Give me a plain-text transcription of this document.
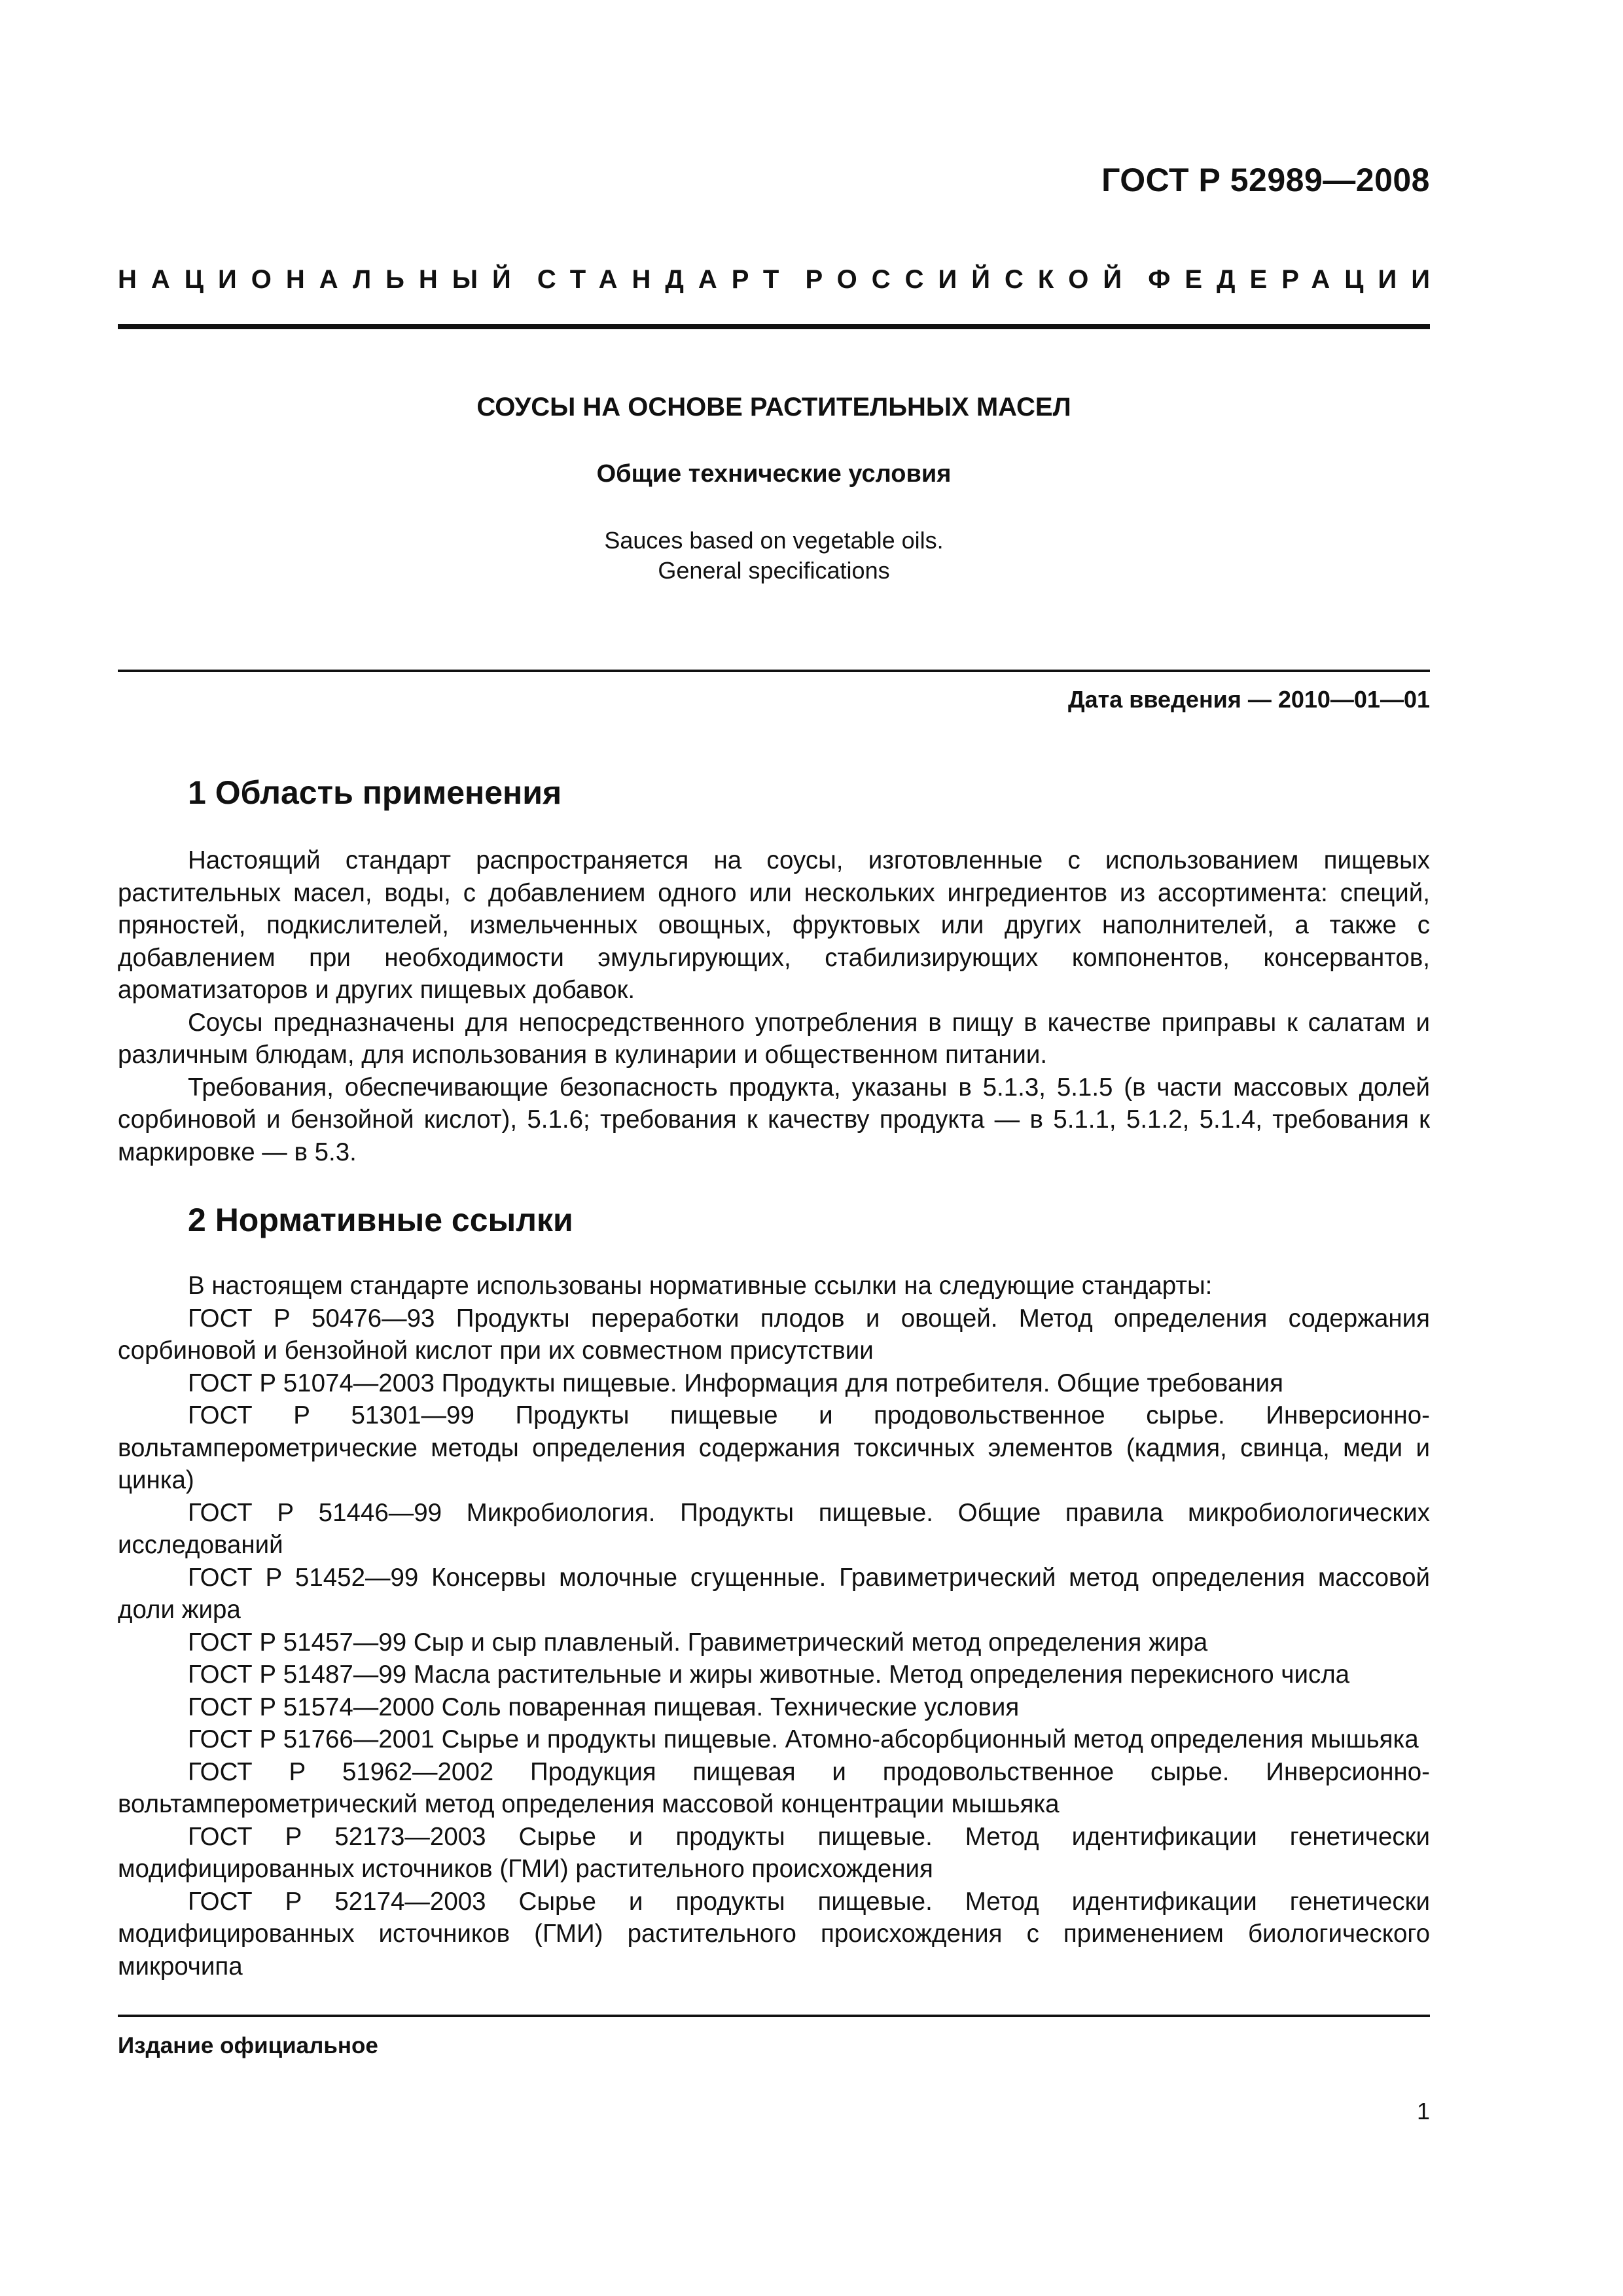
ГОСТ Р 52989—2008
НАЦИОНАЛЬНЫЙ СТАНДАРТ РОССИЙСКОЙ ФЕДЕРАЦИИ
СОУСЫ НА ОСНОВЕ РАСТИТЕЛЬНЫХ МАСЕЛ
Общие технические условия
Sauces based on vegetable oils.
General specifications
Дата введения — 2010—01—01
1 Область применения

Настоящий стандарт распространяется на соусы, изготовленные с использованием пищевых растительных масел, воды, с добавлением одного или нескольких ингредиентов из ассортимента: специй, пряностей, подкислителей, измельченных овощных, фруктовых или других наполнителей, а также с добавлением при необходимости эмульгирующих, стабилизирующих компонентов, консервантов, ароматизаторов и других пищевых добавок.

Соусы предназначены для непосредственного употребления в пищу в качестве приправы к салатам и различным блюдам, для использования в кулинарии и общественном питании.

Требования, обеспечивающие безопасность продукта, указаны в 5.1.3, 5.1.5 (в части массовых долей сорбиновой и бензойной кислот), 5.1.6; требования к качеству продукта — в 5.1.1, 5.1.2, 5.1.4, требования к маркировке — в 5.3.

2 Нормативные ссылки

В настоящем стандарте использованы нормативные ссылки на следующие стандарты:

ГОСТ Р 50476—93 Продукты переработки плодов и овощей. Метод определения содержания сорбиновой и бензойной кислот при их совместном присутствии

ГОСТ Р 51074—2003 Продукты пищевые. Информация для потребителя. Общие требования

ГОСТ Р 51301—99 Продукты пищевые и продовольственное сырье. Инверсионно-вольтамперометрические методы определения содержания токсичных элементов (кадмия, свинца, меди и цинка)

ГОСТ Р 51446—99 Микробиология. Продукты пищевые. Общие правила микробиологических исследований

ГОСТ Р 51452—99 Консервы молочные сгущенные. Гравиметрический метод определения массовой доли жира

ГОСТ Р 51457—99 Сыр и сыр плавленый. Гравиметрический метод определения жира

ГОСТ Р 51487—99 Масла растительные и жиры животные. Метод определения перекисного числа

ГОСТ Р 51574—2000 Соль поваренная пищевая. Технические условия

ГОСТ Р 51766—2001 Сырье и продукты пищевые. Атомно-абсорбционный метод определения мышьяка

ГОСТ Р 51962—2002 Продукция пищевая и продовольственное сырье. Инверсионно-вольтамперометрический метод определения массовой концентрации мышьяка

ГОСТ Р 52173—2003 Сырье и продукты пищевые. Метод идентификации генетически модифицированных источников (ГМИ) растительного происхождения

ГОСТ Р 52174—2003 Сырье и продукты пищевые. Метод идентификации генетически модифицированных источников (ГМИ) растительного происхождения с применением биологического микрочипа

Издание официальное
1
